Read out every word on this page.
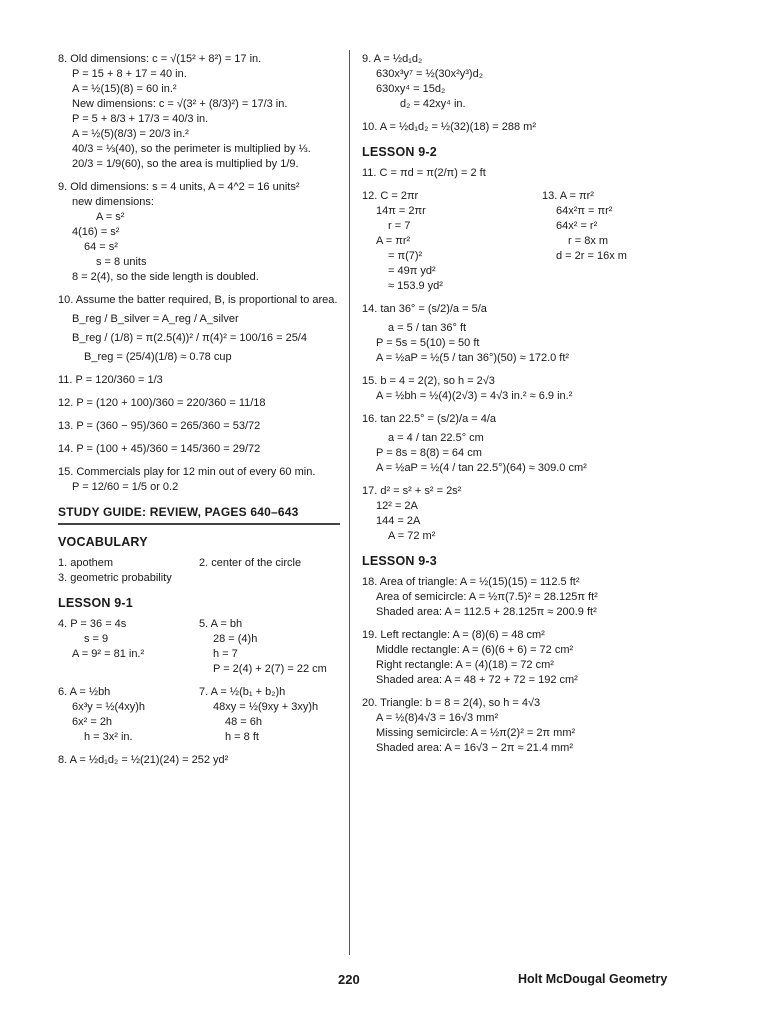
8. Old dimensions: c = √(15² + 8²) = 17 in.
P = 15 + 8 + 17 = 40 in.
A = ½(15)(8) = 60 in.²
New dimensions: c = √(3² + (8/3)²) = 17/3 in.
P = 5 + 8/3 + 17/3 = 40/3 in.
A = ½(5)(8/3) = 20/3 in.²
40/3 = ⅓(40), so the perimeter is multiplied by ⅓.
20/3 = 1/9(60), so the area is multiplied by 1/9.
9. Old dimensions: s = 4 units, A = 4^2 = 16 units²
new dimensions:
A = s²
4(16) = s²
64 = s²
s = 8 units
8 = 2(4), so the side length is doubled.
10. Assume the batter required, B, is proportional to area.
B_reg / B_silver = A_reg / A_silver
B_reg / (1/8) = π(2.5(4))² / π(4)² = 100/16 = 25/4
B_reg = (25/4)(1/8) ≈ 0.78 cup
11. P = 120/360 = 1/3
12. P = (120 + 100)/360 = 220/360 = 11/18
13. P = (360 − 95)/360 = 265/360 = 53/72
14. P = (100 + 45)/360 = 145/360 = 29/72
15. Commercials play for 12 min out of every 60 min.
P = 12/60 = 1/5 or 0.2
STUDY GUIDE: REVIEW, PAGES 640–643
VOCABULARY
1. apothem	2. center of the circle
3. geometric probability
LESSON 9-1
4. P = 36 = 4s
s = 9
A = 9² = 81 in.²
5. A = bh
28 = (4)h
h = 7
P = 2(4) + 2(7) = 22 cm
6. A = ½bh
6x³y = ½(4xy)h
6x² = 2h
h = 3x² in.
7. A = ½(b₁ + b₂)h
48xy = ½(9xy + 3xy)h
48 = 6h
h = 8 ft
8. A = ½d₁d₂ = ½(21)(24) = 252 yd²
9. A = ½d₁d₂
630x³y⁷ = ½(30x²y³)d₂
630xy⁴ = 15d₂
d₂ = 42xy⁴ in.
10. A = ½d₁d₂ = ½(32)(18) = 288 m²
LESSON 9-2
11. C = πd = π(2/π) = 2 ft
12. C = 2πr
14π = 2πr
r = 7
A = πr²
= π(7)²
= 49π yd²
≈ 153.9 yd²
13. A = πr²
64x²π = πr²
64x² = r²
r = 8x m
d = 2r = 16x m
14. tan 36° = (s/2)/a = 5/a
a = 5 / tan 36° ft
P = 5s = 5(10) = 50 ft
A = ½aP = ½(5 / tan 36°)(50) ≈ 172.0 ft²
15. b = 4 = 2(2), so h = 2√3
A = ½bh = ½(4)(2√3) = 4√3 in.² ≈ 6.9 in.²
16. tan 22.5° = (s/2)/a = 4/a
a = 4 / tan 22.5° cm
P = 8s = 8(8) = 64 cm
A = ½aP = ½(4 / tan 22.5°)(64) ≈ 309.0 cm²
17. d² = s² + s² = 2s²
12² = 2A
144 = 2A
A = 72 m²
LESSON 9-3
18. Area of triangle: A = ½(15)(15) = 112.5 ft²
Area of semicircle: A = ½π(7.5)² = 28.125π ft²
Shaded area: A = 112.5 + 28.125π ≈ 200.9 ft²
19. Left rectangle: A = (8)(6) = 48 cm²
Middle rectangle: A = (6)(6 + 6) = 72 cm²
Right rectangle: A = (4)(18) = 72 cm²
Shaded area: A = 48 + 72 + 72 = 192 cm²
20. Triangle: b = 8 = 2(4), so h = 4√3
A = ½(8)4√3 = 16√3 mm²
Missing semicircle: A = ½π(2)² = 2π mm²
Shaded area: A = 16√3 − 2π ≈ 21.4 mm²
220	Holt McDougal Geometry
